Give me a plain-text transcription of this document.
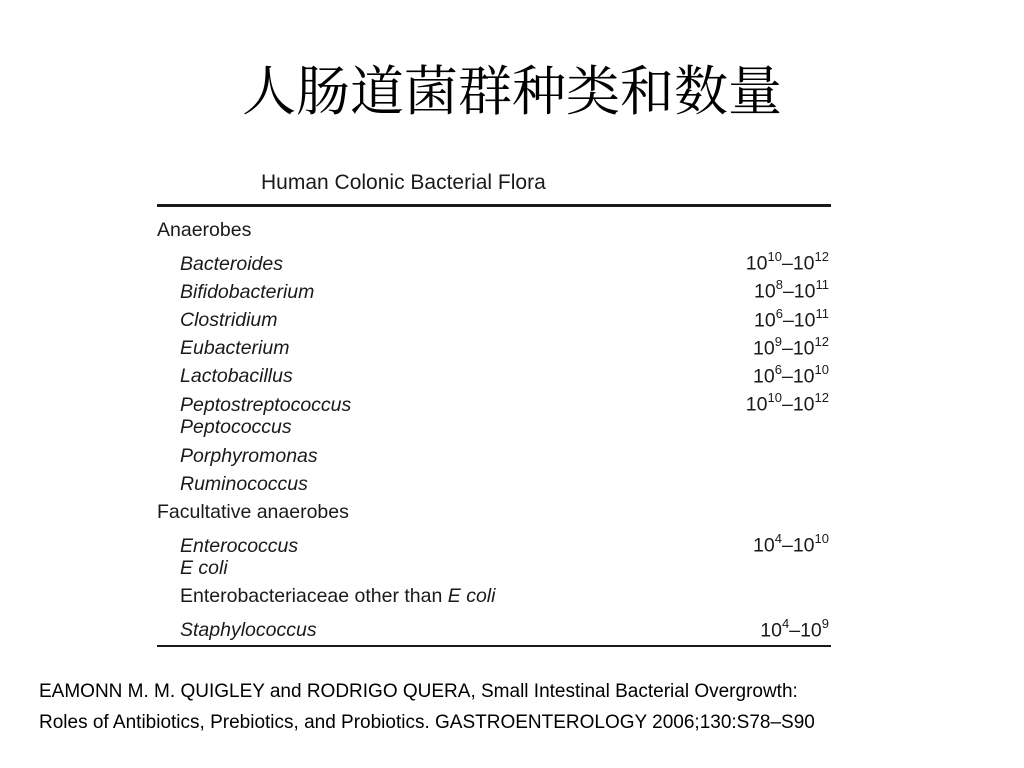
人肠道菌群种类和数量
Human Colonic Bacterial Flora
Anaerobes
Bacteroides	$10^{10}-10^{12}$
Bifidobacterium	$10^8-10^{11}$
Clostridium	$10^6-10^{11}$
Eubacterium	$10^9-10^{12}$
Lactobacillus	$10^6-10^{10}$
Peptostreptococcus	$10^{10}-10^{12}$
Peptococcus
Porphyromonas
Ruminococcus
Facultative anaerobes
Enterococcus	$10^4-10^{10}$
E coli
Enterobacteriaceae other than E coli
Staphylococcus	$10^4-10^9$
EAMONN M. M. QUIGLEY and RODRIGO QUERA, Small Intestinal Bacterial Overgrowth:
Roles of Antibiotics, Prebiotics, and Probiotics. GASTROENTEROLOGY 2006;130:S78–S90
